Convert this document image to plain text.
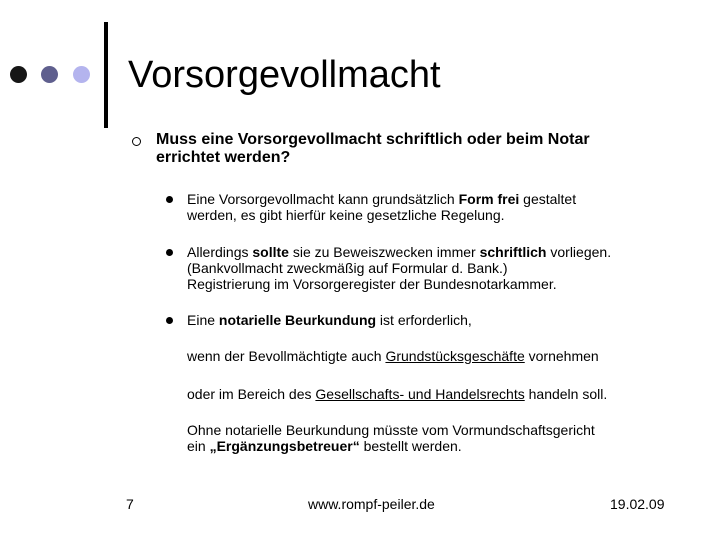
Vorsorgevollmacht
Muss eine Vorsorgevollmacht schriftlich oder beim Notar
errichtet werden?
Eine Vorsorgevollmacht kann grundsätzlich Form frei gestaltet
werden, es gibt hierfür keine gesetzliche Regelung.
Allerdings sollte sie zu Beweiszwecken immer schriftlich vorliegen.
(Bankvollmacht zweckmäßig auf Formular d. Bank.)
Registrierung im Vorsorgeregister der Bundesnotarkammer.
Eine notarielle Beurkundung ist erforderlich,
wenn der Bevollmächtigte auch Grundstücksgeschäfte vornehmen
oder im Bereich des Gesellschafts- und Handelsrechts handeln soll.
Ohne notarielle Beurkundung müsste vom Vormundschaftsgericht
ein „Ergänzungsbetreuer“ bestellt werden.
7	www.rompf-peiler.de	19.02.09
